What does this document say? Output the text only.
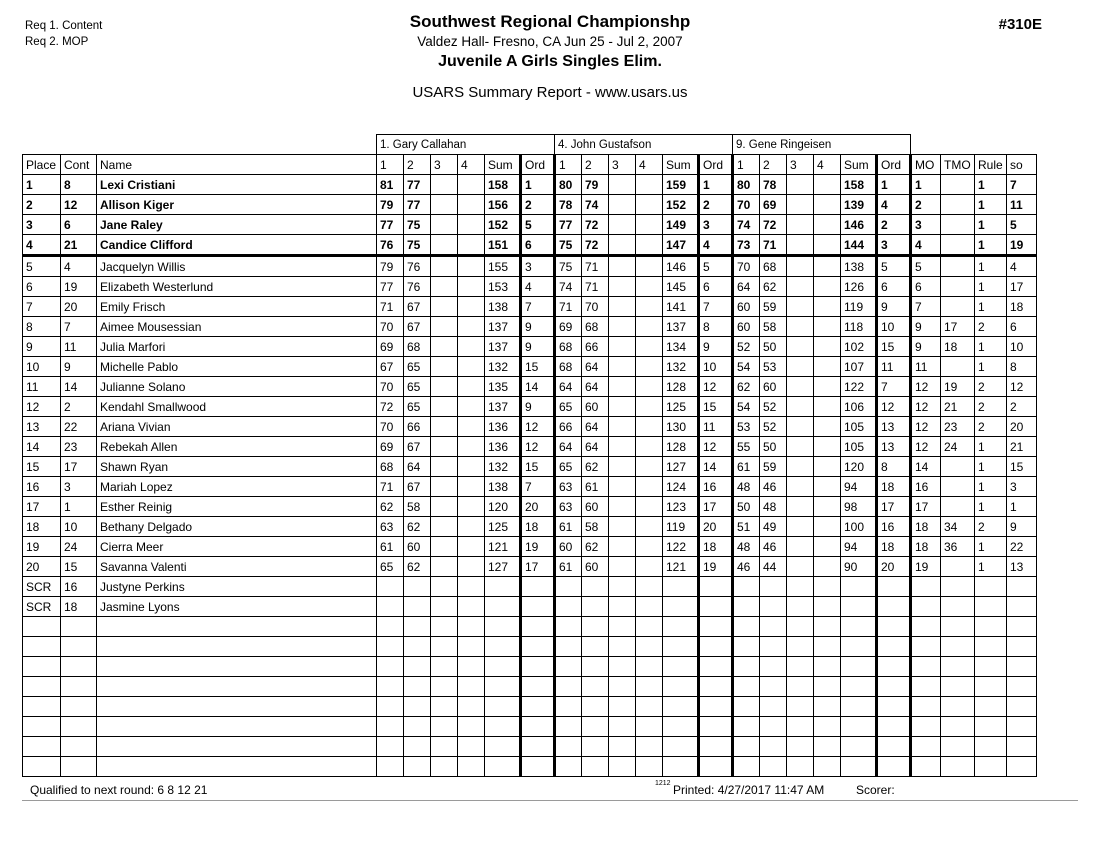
Req 1. Content
Req 2. MOP
Southwest Regional Championshp
Valdez Hall- Fresno, CA Jun 25 - Jul 2, 2007
Juvenile A Girls Singles Elim.
USARS Summary Report - www.usars.us
#310E
			1. Gary Callahan						4. John Gustafson						9. Gene Ringeisen									
Place	Cont	Name	1	2	3	4	Sum	Ord	1	2	3	4	Sum	Ord	1	2	3	4	Sum	Ord	MO	TMO	Rule	so
1	8	Lexi Cristiani	81	77			158	1	80	79			159	1	80	78			158	1	1		1	7
2	12	Allison Kiger	79	77			156	2	78	74			152	2	70	69			139	4	2		1	11
3	6	Jane Raley	77	75			152	5	77	72			149	3	74	72			146	2	3		1	5
4	21	Candice Clifford	76	75			151	6	75	72			147	4	73	71			144	3	4		1	19
5	4	Jacquelyn Willis	79	76			155	3	75	71			146	5	70	68			138	5	5		1	4
6	19	Elizabeth Westerlund	77	76			153	4	74	71			145	6	64	62			126	6	6		1	17
7	20	Emily Frisch	71	67			138	7	71	70			141	7	60	59			119	9	7		1	18
8	7	Aimee Mousessian	70	67			137	9	69	68			137	8	60	58			118	10	9	17	2	6
9	11	Julia Marfori	69	68			137	9	68	66			134	9	52	50			102	15	9	18	1	10
10	9	Michelle Pablo	67	65			132	15	68	64			132	10	54	53			107	11	11		1	8
11	14	Julianne Solano	70	65			135	14	64	64			128	12	62	60			122	7	12	19	2	12
12	2	Kendahl Smallwood	72	65			137	9	65	60			125	15	54	52			106	12	12	21	2	2
13	22	Ariana Vivian	70	66			136	12	66	64			130	11	53	52			105	13	12	23	2	20
14	23	Rebekah Allen	69	67			136	12	64	64			128	12	55	50			105	13	12	24	1	21
15	17	Shawn Ryan	68	64			132	15	65	62			127	14	61	59			120	8	14		1	15
16	3	Mariah Lopez	71	67			138	7	63	61			124	16	48	46			94	18	16		1	3
17	1	Esther Reinig	62	58			120	20	63	60			123	17	50	48			98	17	17		1	1
18	10	Bethany Delgado	63	62			125	18	61	58			119	20	51	49			100	16	18	34	2	9
19	24	Cierra Meer	61	60			121	19	60	62			122	18	48	46			94	18	18	36	1	22
20	15	Savanna Valenti	65	62			127	17	61	60			121	19	46	44			90	20	19		1	13
SCR	16	Justyne Perkins																						
SCR	18	Jasmine Lyons																						

Qualified to next round: 6 8 12 21	1212 Printed: 4/27/2017 11:47 AM	Scorer:
